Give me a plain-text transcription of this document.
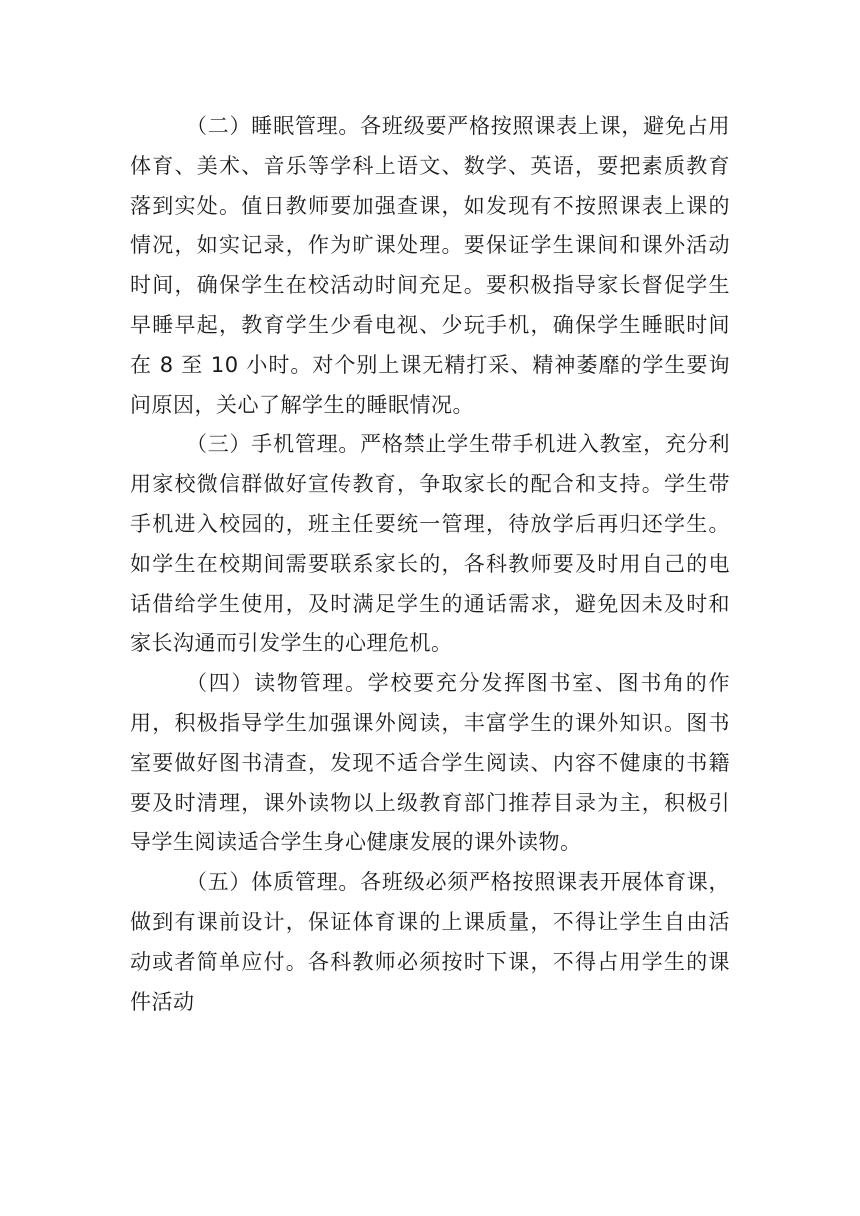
（二）睡眠管理。各班级要严格按照课表上课，避免占用体育、美术、音乐等学科上语文、数学、英语，要把素质教育落到实处。值日教师要加强查课，如发现有不按照课表上课的情况，如实记录，作为旷课处理。要保证学生课间和课外活动时间，确保学生在校活动时间充足。要积极指导家长督促学生早睡早起，教育学生少看电视、少玩手机，确保学生睡眠时间在 8 至 10 小时。对个别上课无精打采、精神萎靡的学生要询问原因，关心了解学生的睡眠情况。

（三）手机管理。严格禁止学生带手机进入教室，充分利用家校微信群做好宣传教育，争取家长的配合和支持。学生带手机进入校园的，班主任要统一管理，待放学后再归还学生。如学生在校期间需要联系家长的，各科教师要及时用自己的电话借给学生使用，及时满足学生的通话需求，避免因未及时和家长沟通而引发学生的心理危机。

（四）读物管理。学校要充分发挥图书室、图书角的作用，积极指导学生加强课外阅读，丰富学生的课外知识。图书室要做好图书清查，发现不适合学生阅读、内容不健康的书籍要及时清理，课外读物以上级教育部门推荐目录为主，积极引导学生阅读适合学生身心健康发展的课外读物。

（五）体质管理。各班级必须严格按照课表开展体育课，做到有课前设计，保证体育课的上课质量，不得让学生自由活动或者简单应付。各科教师必须按时下课，不得占用学生的课件活动
